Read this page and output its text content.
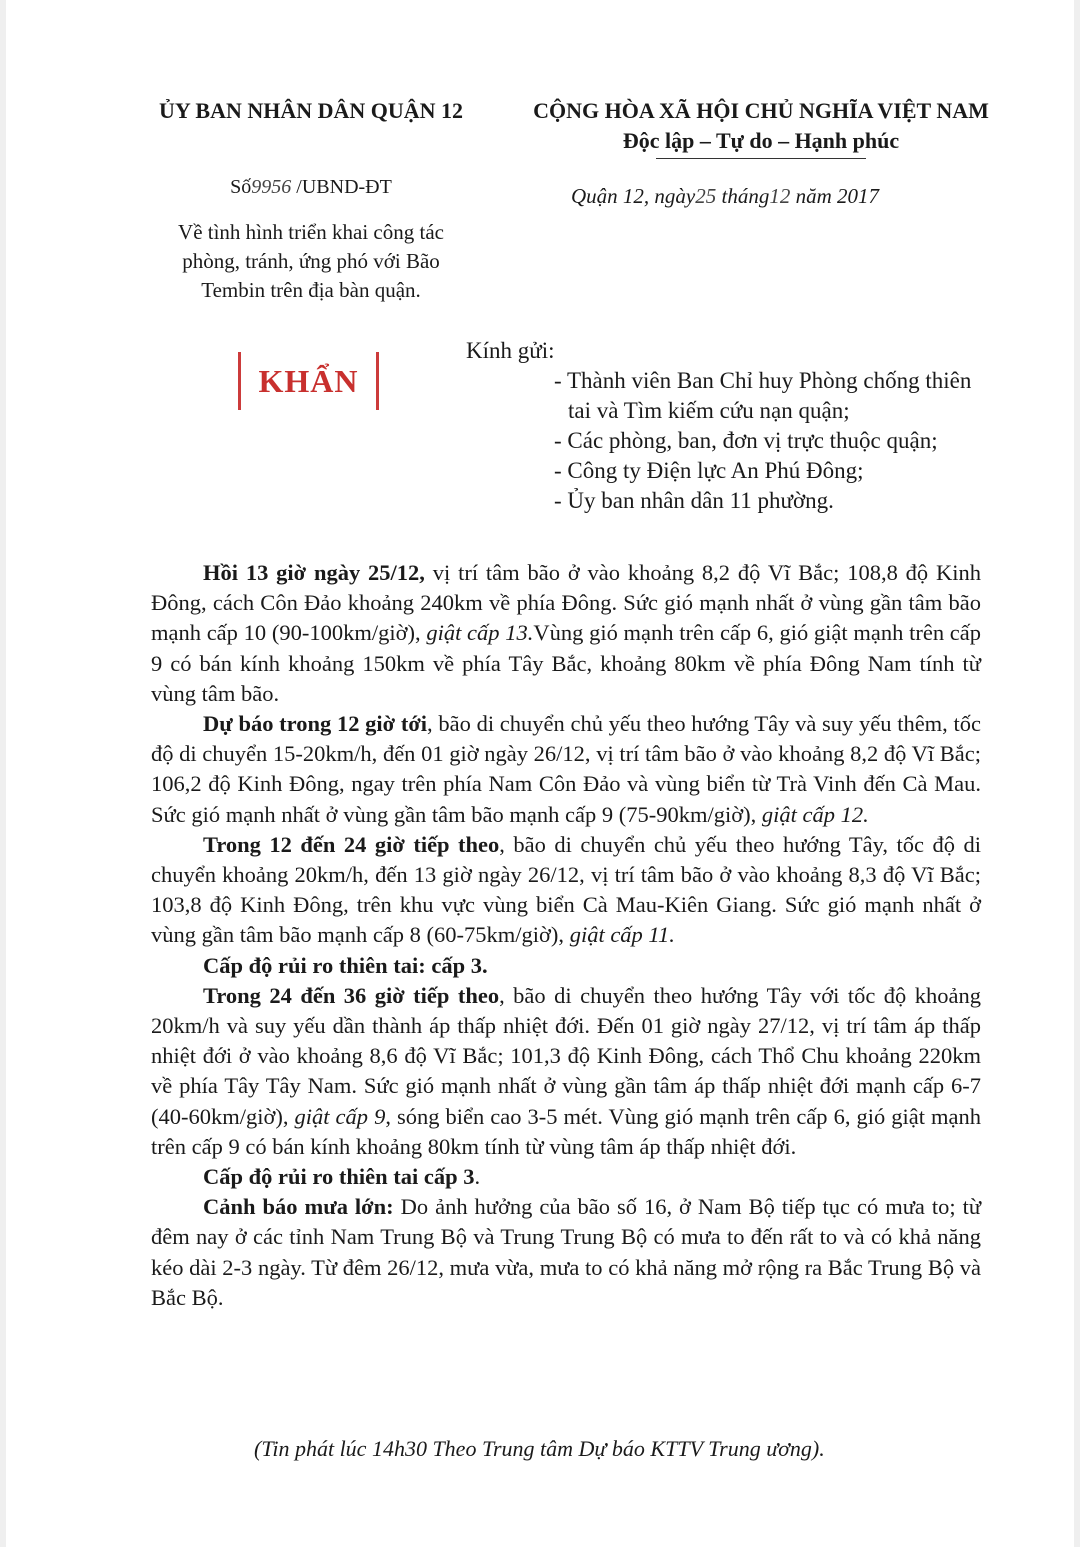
ỦY BAN NHÂN DÂN QUẬN 12	CỘNG HÒA XÃ HỘI CHỦ NGHĨA VIỆT NAM
Độc lập – Tự do – Hạnh phúc
Số9956 /UBND-ĐT
Về tình hình triển khai công tác
phòng, tránh, ứng phó với Bão
Tembin trên địa bàn quận.
Quận 12, ngày25 tháng12 năm 2017
KHẨN
Kính gửi:
- Thành viên Ban Chỉ huy Phòng chống thiên tai và Tìm kiếm cứu nạn quận;
- Các phòng, ban, đơn vị trực thuộc quận;
- Công ty Điện lực An Phú Đông;
- Ủy ban nhân dân 11 phường.

Hồi 13 giờ ngày 25/12, vị trí tâm bão ở vào khoảng 8,2 độ Vĩ Bắc; 108,8 độ Kinh Đông, cách Côn Đảo khoảng 240km về phía Đông. Sức gió mạnh nhất ở vùng gần tâm bão mạnh cấp 10 (90-100km/giờ), giật cấp 13.Vùng gió mạnh trên cấp 6, gió giật mạnh trên cấp 9 có bán kính khoảng 150km về phía Tây Bắc, khoảng 80km về phía Đông Nam tính từ vùng tâm bão.

Dự báo trong 12 giờ tới, bão di chuyển chủ yếu theo hướng Tây và suy yếu thêm, tốc độ di chuyển 15-20km/h, đến 01 giờ ngày 26/12, vị trí tâm bão ở vào khoảng 8,2 độ Vĩ Bắc; 106,2 độ Kinh Đông, ngay trên phía Nam Côn Đảo và vùng biển từ Trà Vinh đến Cà Mau. Sức gió mạnh nhất ở vùng gần tâm bão mạnh cấp 9 (75-90km/giờ), giật cấp 12.

Trong 12 đến 24 giờ tiếp theo, bão di chuyển chủ yếu theo hướng Tây, tốc độ di chuyển khoảng 20km/h, đến 13 giờ ngày 26/12, vị trí tâm bão ở vào khoảng 8,3 độ Vĩ Bắc; 103,8 độ Kinh Đông, trên khu vực vùng biển Cà Mau-Kiên Giang. Sức gió mạnh nhất ở vùng gần tâm bão mạnh cấp 8 (60-75km/giờ), giật cấp 11.

Cấp độ rủi ro thiên tai: cấp 3.

Trong 24 đến 36 giờ tiếp theo, bão di chuyển theo hướng Tây với tốc độ khoảng 20km/h và suy yếu dần thành áp thấp nhiệt đới. Đến 01 giờ ngày 27/12, vị trí tâm áp thấp nhiệt đới ở vào khoảng 8,6 độ Vĩ Bắc; 101,3 độ Kinh Đông, cách Thổ Chu khoảng 220km về phía Tây Tây Nam. Sức gió mạnh nhất ở vùng gần tâm áp thấp nhiệt đới mạnh cấp 6-7 (40-60km/giờ), giật cấp 9, sóng biển cao 3-5 mét. Vùng gió mạnh trên cấp 6, gió giật mạnh trên cấp 9 có bán kính khoảng 80km tính từ vùng tâm áp thấp nhiệt đới.

Cấp độ rủi ro thiên tai cấp 3.

Cảnh báo mưa lớn: Do ảnh hưởng của bão số 16, ở Nam Bộ tiếp tục có mưa to; từ đêm nay ở các tỉnh Nam Trung Bộ và Trung Trung Bộ có mưa to đến rất to và có khả năng kéo dài 2-3 ngày. Từ đêm 26/12, mưa vừa, mưa to có khả năng mở rộng ra Bắc Trung Bộ và Bắc Bộ.

(Tin phát lúc 14h30 Theo Trung tâm Dự báo KTTV Trung ương).
